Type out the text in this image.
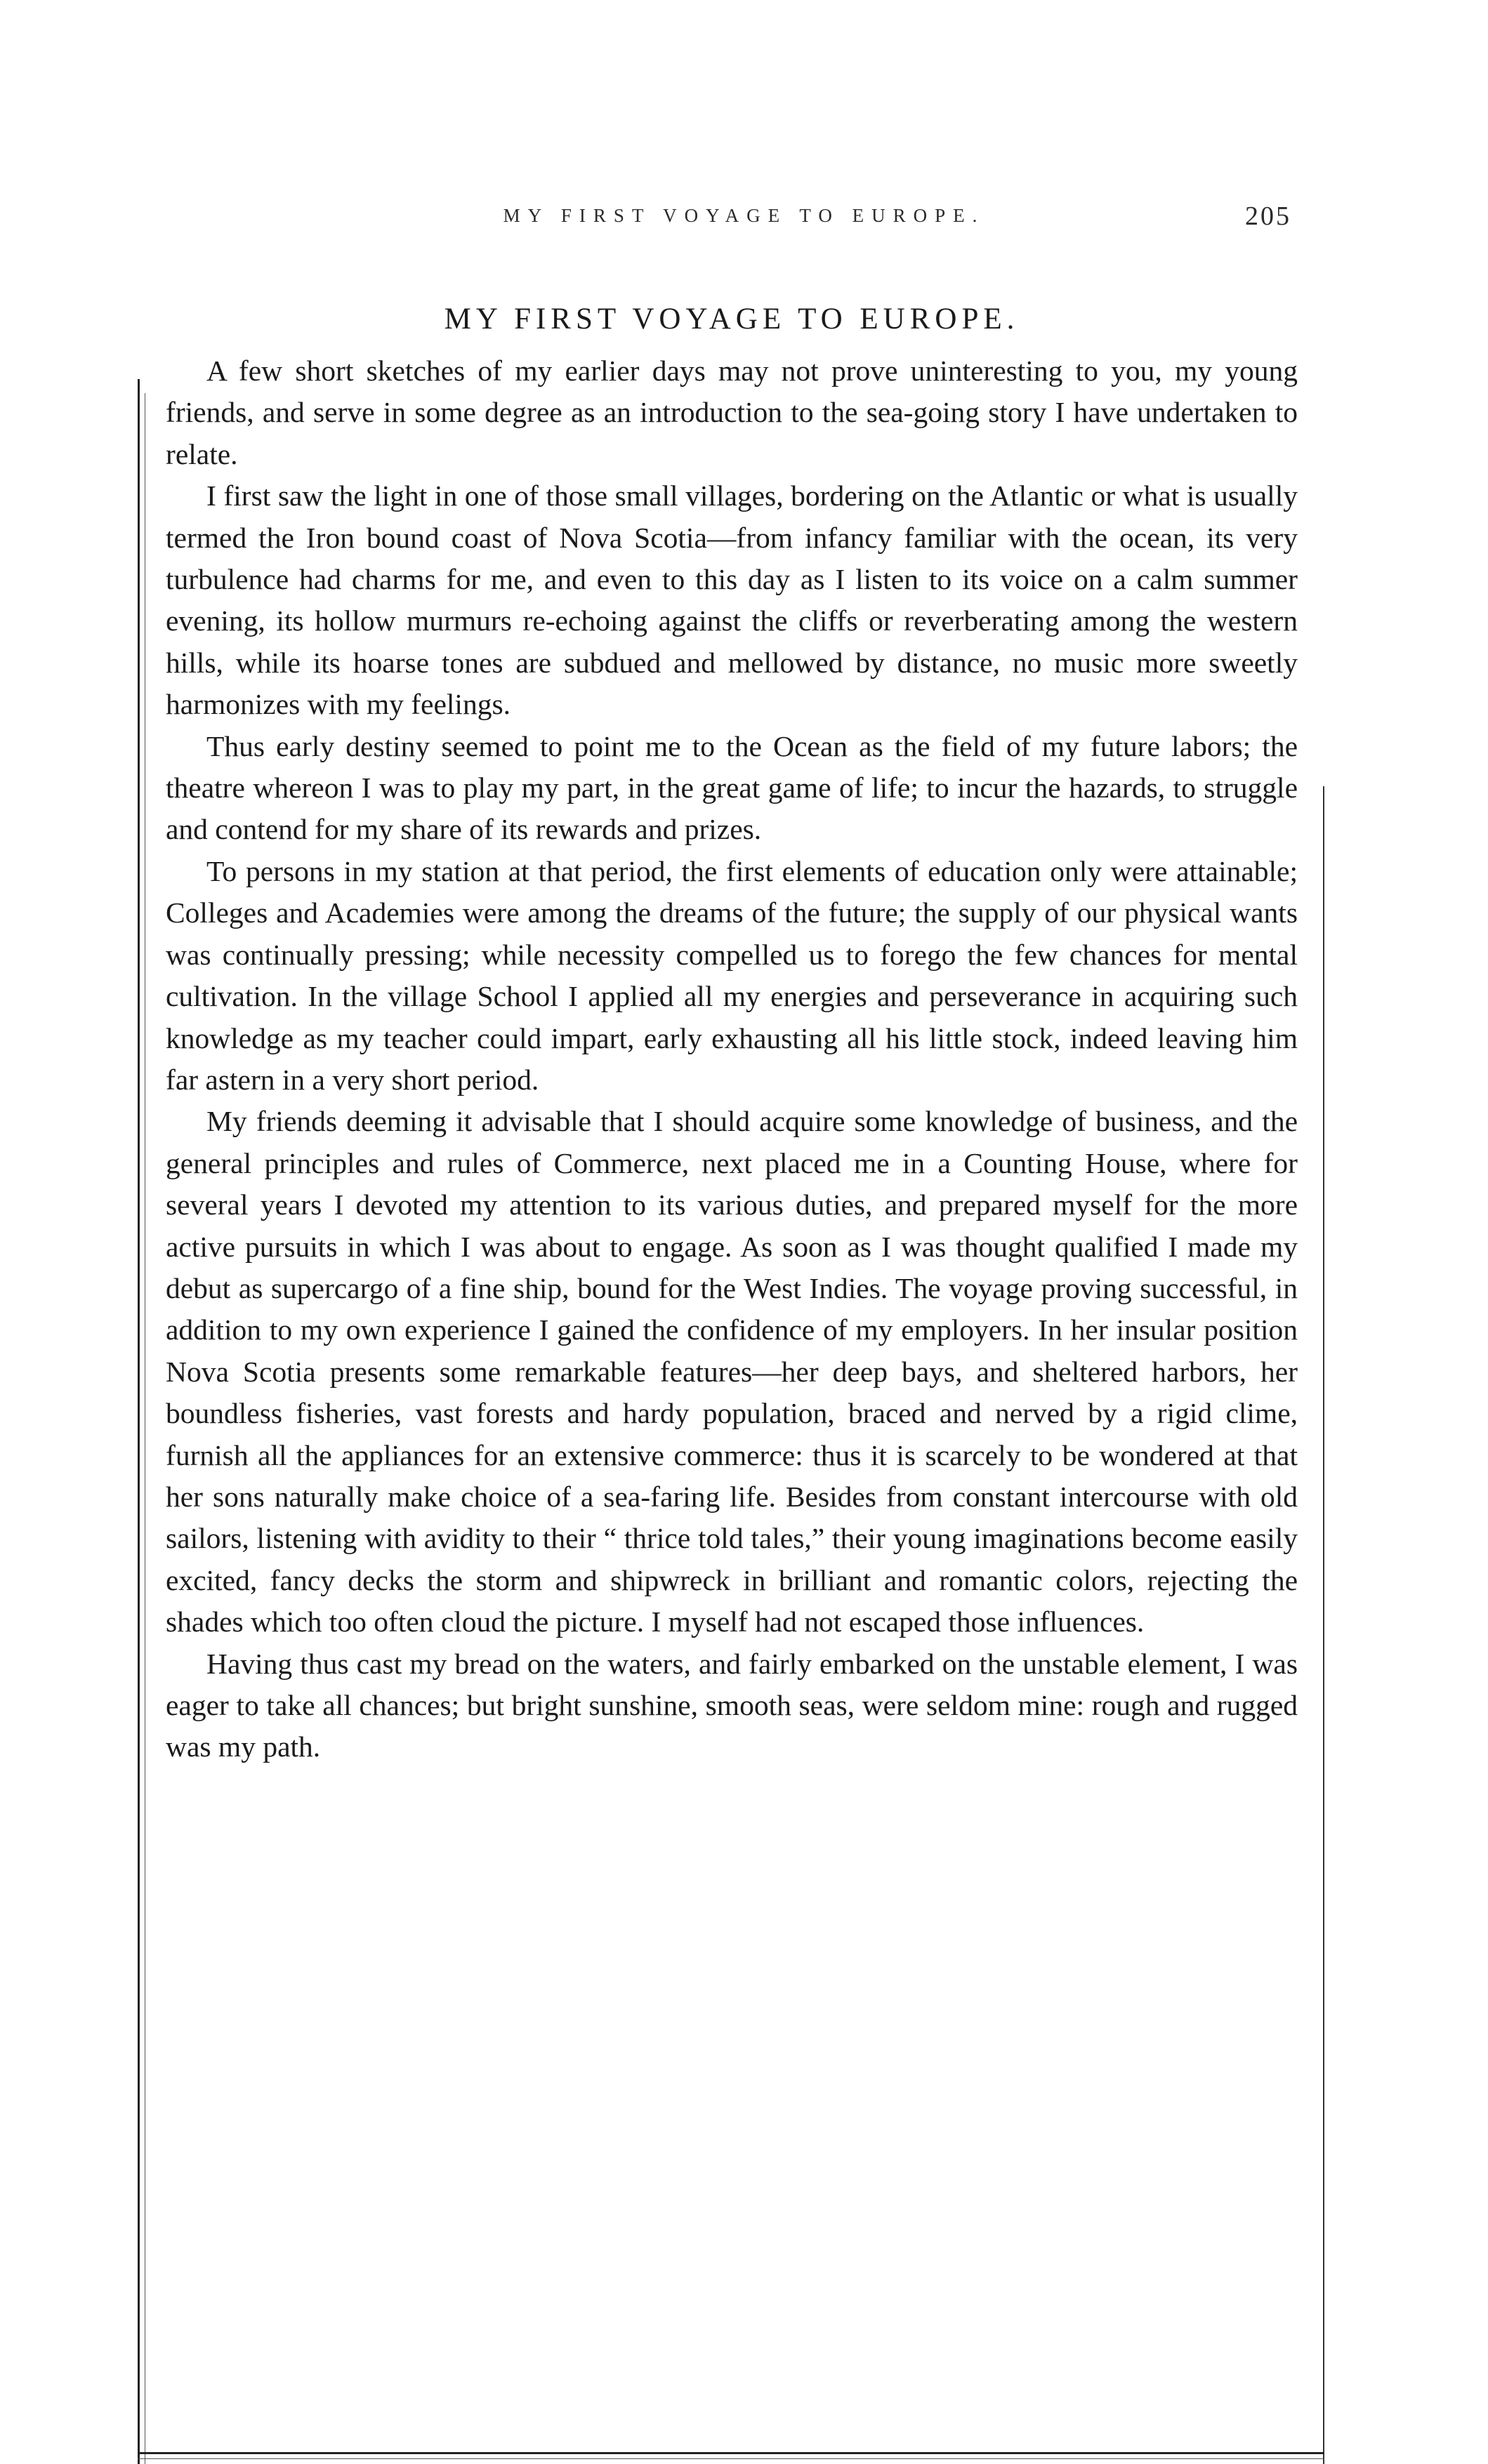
MY FIRST VOYAGE TO EUROPE.	205
MY FIRST VOYAGE TO EUROPE.

A few short sketches of my earlier days may not prove uninteresting to you, my young friends, and serve in some degree as an introduction to the sea-going story I have undertaken to relate.

I first saw the light in one of those small villages, bordering on the Atlantic or what is usually termed the Iron bound coast of Nova Scotia—from infancy familiar with the ocean, its very turbulence had charms for me, and even to this day as I listen to its voice on a calm summer evening, its hollow murmurs re-echoing against the cliffs or reverberating among the western hills, while its hoarse tones are subdued and mellowed by distance, no music more sweetly harmonizes with my feelings.

Thus early destiny seemed to point me to the Ocean as the field of my future labors; the theatre whereon I was to play my part, in the great game of life; to incur the hazards, to struggle and contend for my share of its rewards and prizes.

To persons in my station at that period, the first elements of education only were attainable; Colleges and Academies were among the dreams of the future; the supply of our physical wants was continually pressing; while necessity compelled us to forego the few chances for mental cultivation. In the village School I applied all my energies and perseverance in acquiring such knowledge as my teacher could impart, early exhausting all his little stock, indeed leaving him far astern in a very short period.

My friends deeming it advisable that I should acquire some knowledge of business, and the general principles and rules of Commerce, next placed me in a Counting House, where for several years I devoted my attention to its various duties, and prepared myself for the more active pursuits in which I was about to engage. As soon as I was thought qualified I made my debut as supercargo of a fine ship, bound for the West Indies. The voyage proving successful, in addition to my own experience I gained the confidence of my employers. In her insular position Nova Scotia presents some remarkable features—her deep bays, and sheltered harbors, her boundless fisheries, vast forests and hardy population, braced and nerved by a rigid clime, furnish all the appliances for an extensive commerce: thus it is scarcely to be wondered at that her sons naturally make choice of a sea-faring life. Besides from constant intercourse with old sailors, listening with avidity to their “ thrice told tales,” their young imaginations become easily excited, fancy decks the storm and shipwreck in brilliant and romantic colors, rejecting the shades which too often cloud the picture. I myself had not escaped those influences.

Having thus cast my bread on the waters, and fairly embarked on the unstable element, I was eager to take all chances; but bright sunshine, smooth seas, were seldom mine: rough and rugged was my path.
